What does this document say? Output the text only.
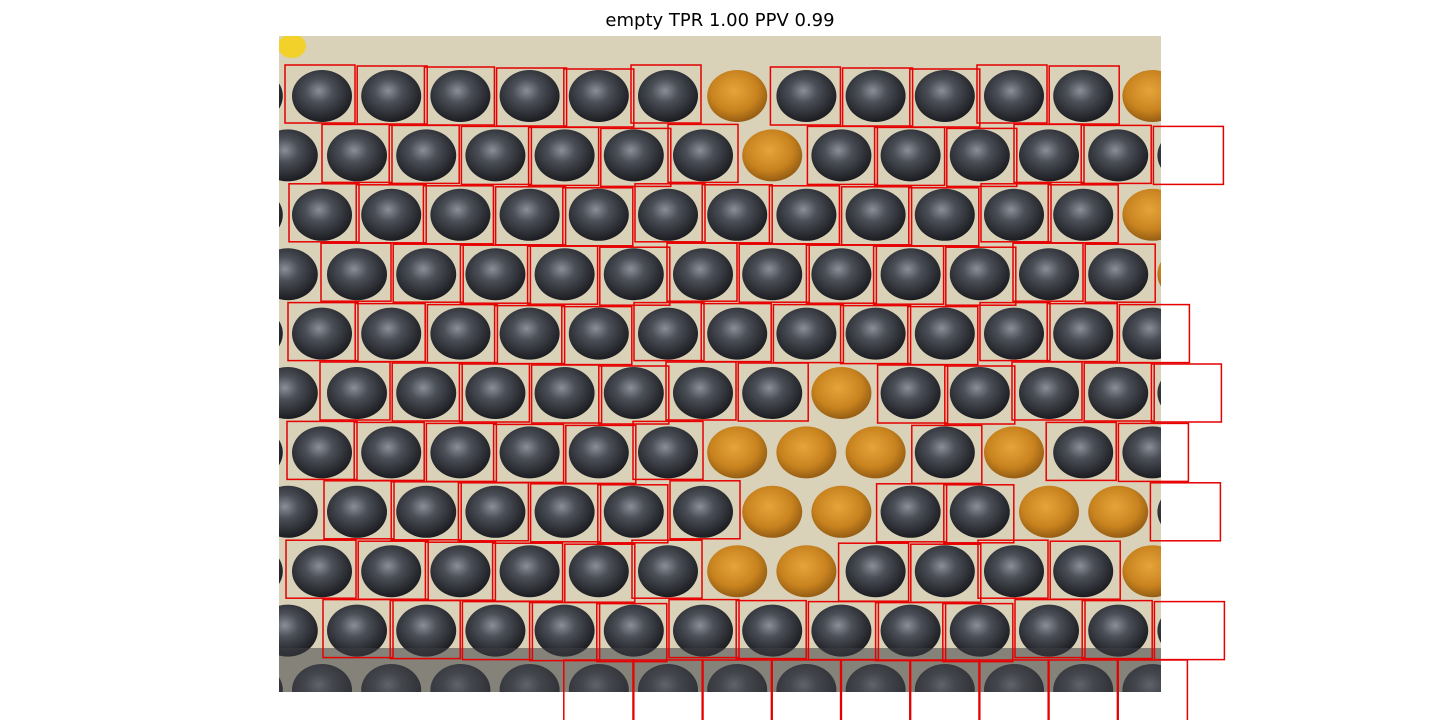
empty TPR 1.00 PPV 0.99
